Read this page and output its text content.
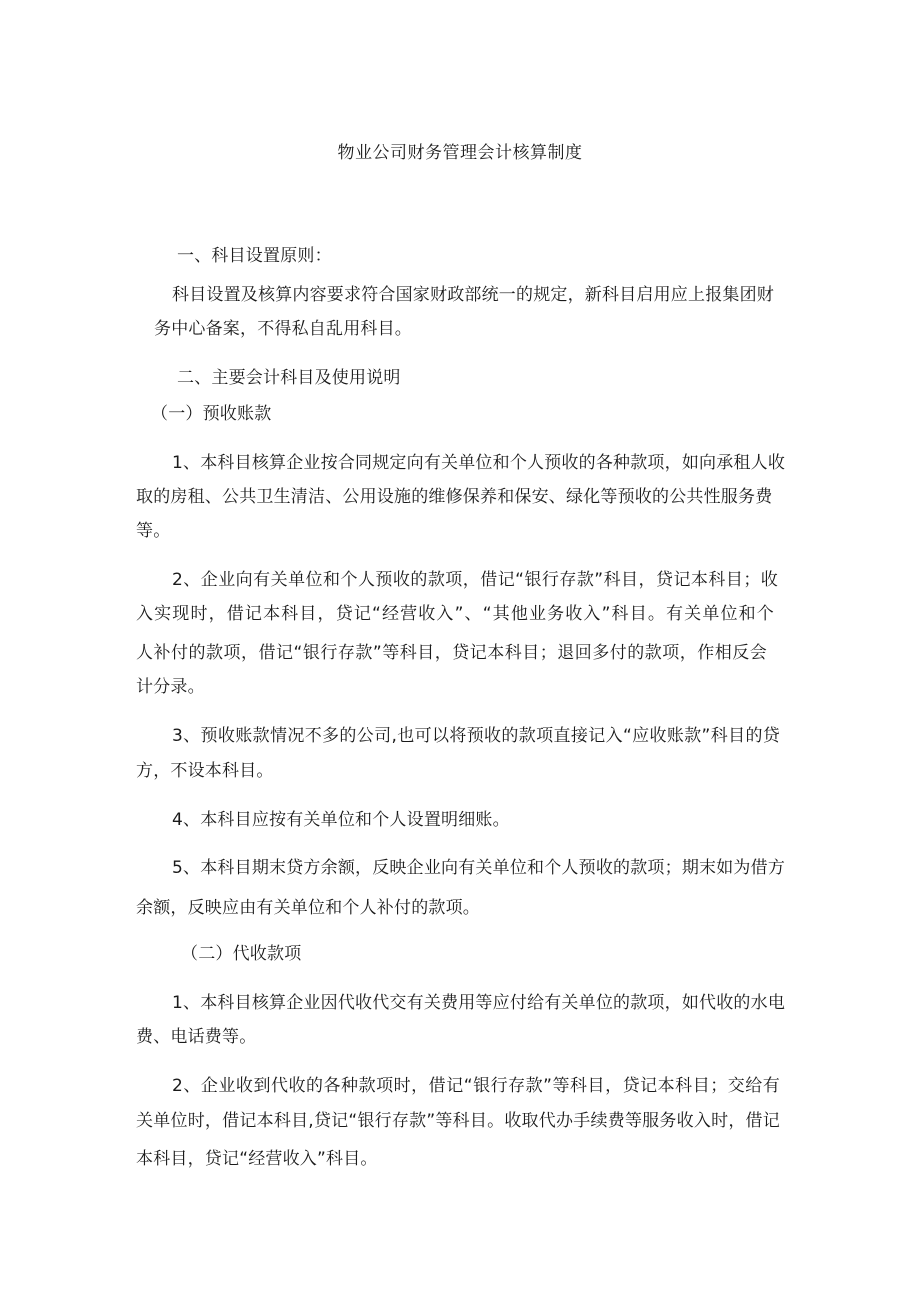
物业公司财务管理会计核算制度
一、科目设置原则：
科目设置及核算内容要求符合国家财政部统一的规定，新科目启用应上报集团财
务中心备案，不得私自乱用科目。
二、主要会计科目及使用说明
（一）预收账款
1、本科目核算企业按合同规定向有关单位和个人预收的各种款项，如向承租人收
取的房租、公共卫生清洁、公用设施的维修保养和保安、绿化等预收的公共性服务费
等。
2、企业向有关单位和个人预收的款项，借记“银行存款”科目，贷记本科目；收
入实现时，借记本科目，贷记“经营收入”、“其他业务收入”科目。有关单位和个
人补付的款项，借记“银行存款”等科目，贷记本科目；退回多付的款项，作相反会
计分录。
3、预收账款情况不多的公司,也可以将预收的款项直接记入“应收账款”科目的贷
方，不设本科目。
4、本科目应按有关单位和个人设置明细账。
5、本科目期末贷方余额，反映企业向有关单位和个人预收的款项；期末如为借方
余额，反映应由有关单位和个人补付的款项。
（二）代收款项
1、本科目核算企业因代收代交有关费用等应付给有关单位的款项，如代收的水电
费、电话费等。
2、企业收到代收的各种款项时，借记“银行存款”等科目，贷记本科目；交给有
关单位时，借记本科目,贷记“银行存款”等科目。收取代办手续费等服务收入时，借记
本科目，贷记“经营收入”科目。
